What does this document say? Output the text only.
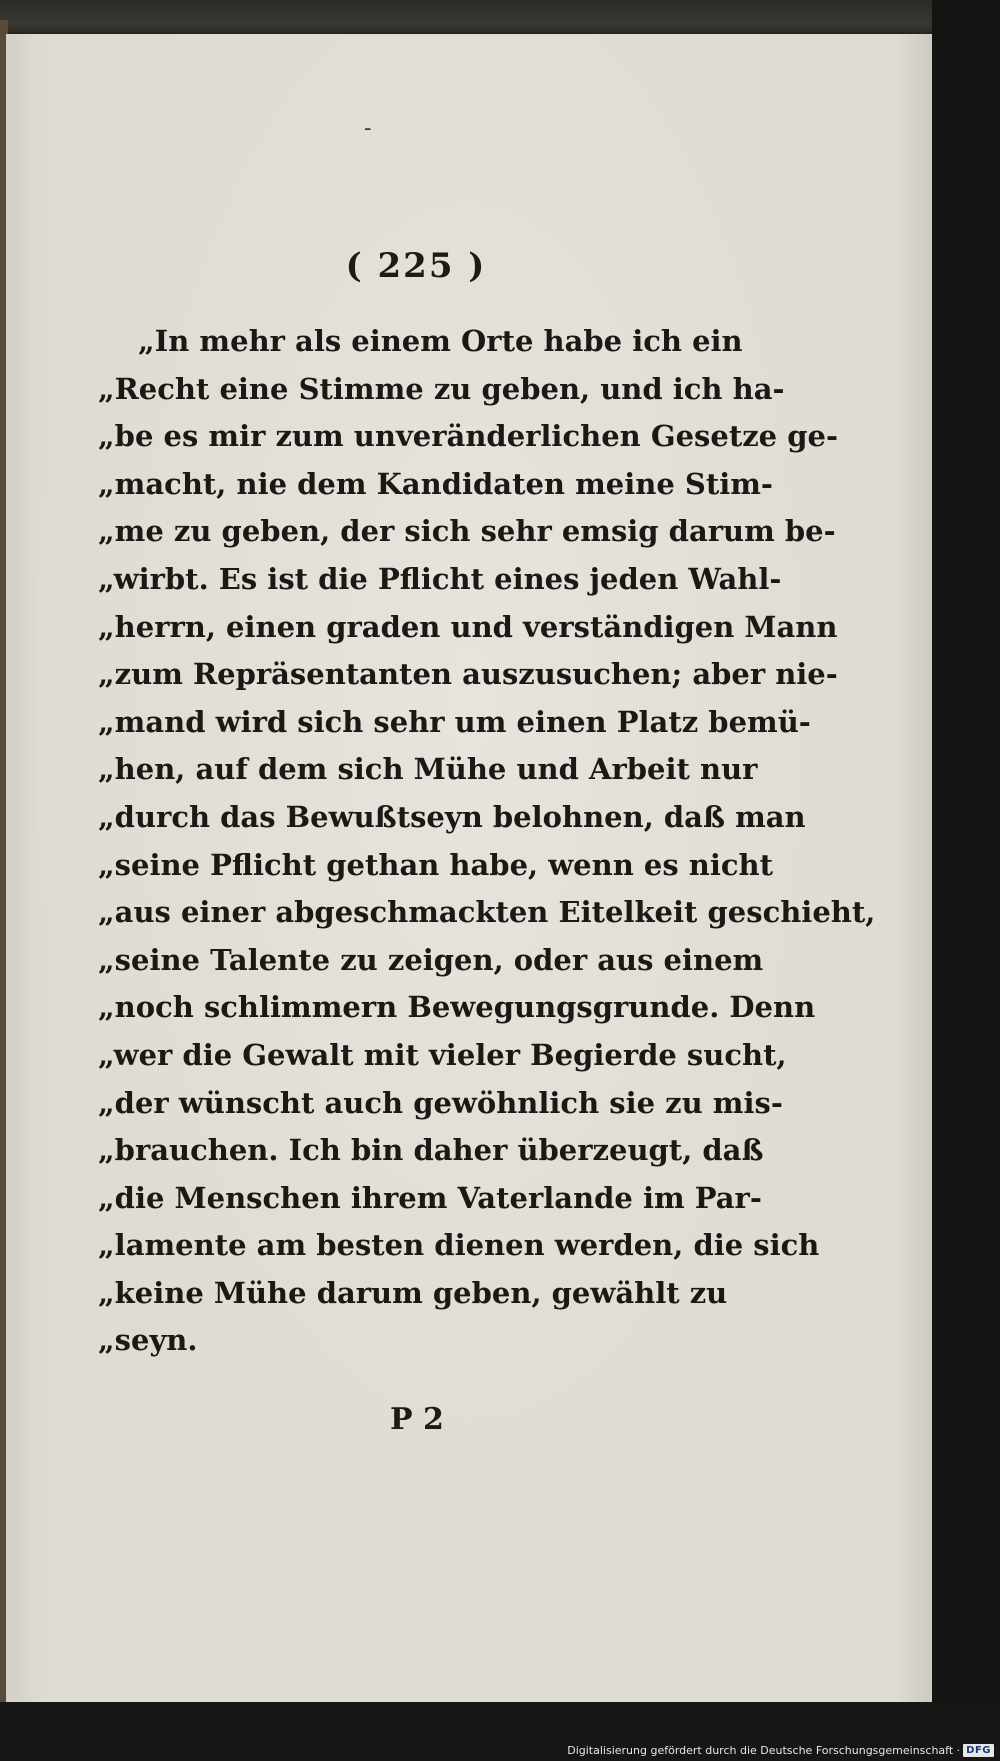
-
( 225 )
„In mehr als einem Orte habe ich ein
„Recht eine Stimme zu geben, und ich ha‑
„be es mir zum unveränderlichen Gesetze ge‑
„macht, nie dem Kandidaten meine Stim‑
„me zu geben, der sich sehr emsig darum be‑
„wirbt. Es ist die Pflicht eines jeden Wahl‑
„herrn, einen graden und verständigen Mann
„zum Repräsentanten auszusuchen; aber nie‑
„mand wird sich sehr um einen Platz bemü‑
„hen, auf dem sich Mühe und Arbeit nur
„durch das Bewußtseyn belohnen, daß man
„seine Pflicht gethan habe, wenn es nicht
„aus einer abgeschmackten Eitelkeit geschieht,
„seine Talente zu zeigen, oder aus einem
„noch schlimmern Bewegungsgrunde. Denn
„wer die Gewalt mit vieler Begierde sucht,
„der wünscht auch gewöhnlich sie zu mis‑
„brauchen. Ich bin daher überzeugt, daß
„die Menschen ihrem Vaterlande im Par‑
„lamente am besten dienen werden, die sich
„keine Mühe darum geben, gewählt zu
„seyn.
P 2
Digitalisierung gefördert durch die Deutsche Forschungsgemeinschaft · DFG
